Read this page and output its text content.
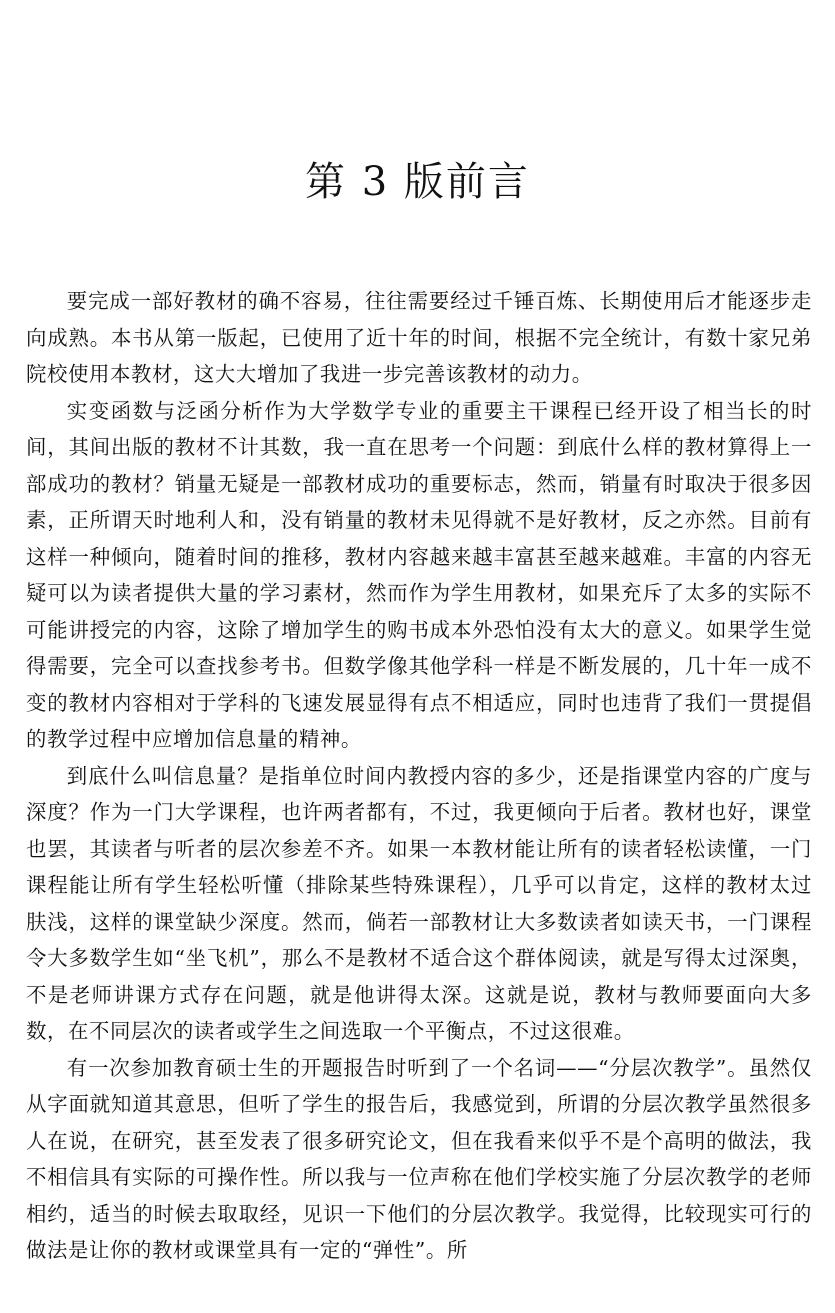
第 3 版前言

要完成一部好教材的确不容易，往往需要经过千锤百炼、长期使用后才能逐步走向成熟。本书从第一版起，已使用了近十年的时间，根据不完全统计，有数十家兄弟院校使用本教材，这大大增加了我进一步完善该教材的动力。

实变函数与泛函分析作为大学数学专业的重要主干课程已经开设了相当长的时间，其间出版的教材不计其数，我一直在思考一个问题：到底什么样的教材算得上一部成功的教材？销量无疑是一部教材成功的重要标志，然而，销量有时取决于很多因素，正所谓天时地利人和，没有销量的教材未见得就不是好教材，反之亦然。目前有这样一种倾向，随着时间的推移，教材内容越来越丰富甚至越来越难。丰富的内容无疑可以为读者提供大量的学习素材，然而作为学生用教材，如果充斥了太多的实际不可能讲授完的内容，这除了增加学生的购书成本外恐怕没有太大的意义。如果学生觉得需要，完全可以查找参考书。但数学像其他学科一样是不断发展的，几十年一成不变的教材内容相对于学科的飞速发展显得有点不相适应，同时也违背了我们一贯提倡的教学过程中应增加信息量的精神。

到底什么叫信息量？是指单位时间内教授内容的多少，还是指课堂内容的广度与深度？作为一门大学课程，也许两者都有，不过，我更倾向于后者。教材也好，课堂也罢，其读者与听者的层次参差不齐。如果一本教材能让所有的读者轻松读懂，一门课程能让所有学生轻松听懂（排除某些特殊课程），几乎可以肯定，这样的教材太过肤浅，这样的课堂缺少深度。然而，倘若一部教材让大多数读者如读天书，一门课程令大多数学生如“坐飞机”，那么不是教材不适合这个群体阅读，就是写得太过深奥，不是老师讲课方式存在问题，就是他讲得太深。这就是说，教材与教师要面向大多数，在不同层次的读者或学生之间选取一个平衡点，不过这很难。

有一次参加教育硕士生的开题报告时听到了一个名词——“分层次教学”。虽然仅从字面就知道其意思，但听了学生的报告后，我感觉到，所谓的分层次教学虽然很多人在说，在研究，甚至发表了很多研究论文，但在我看来似乎不是个高明的做法，我不相信具有实际的可操作性。所以我与一位声称在他们学校实施了分层次教学的老师相约，适当的时候去取取经，见识一下他们的分层次教学。我觉得，比较现实可行的做法是让你的教材或课堂具有一定的“弹性”。所
